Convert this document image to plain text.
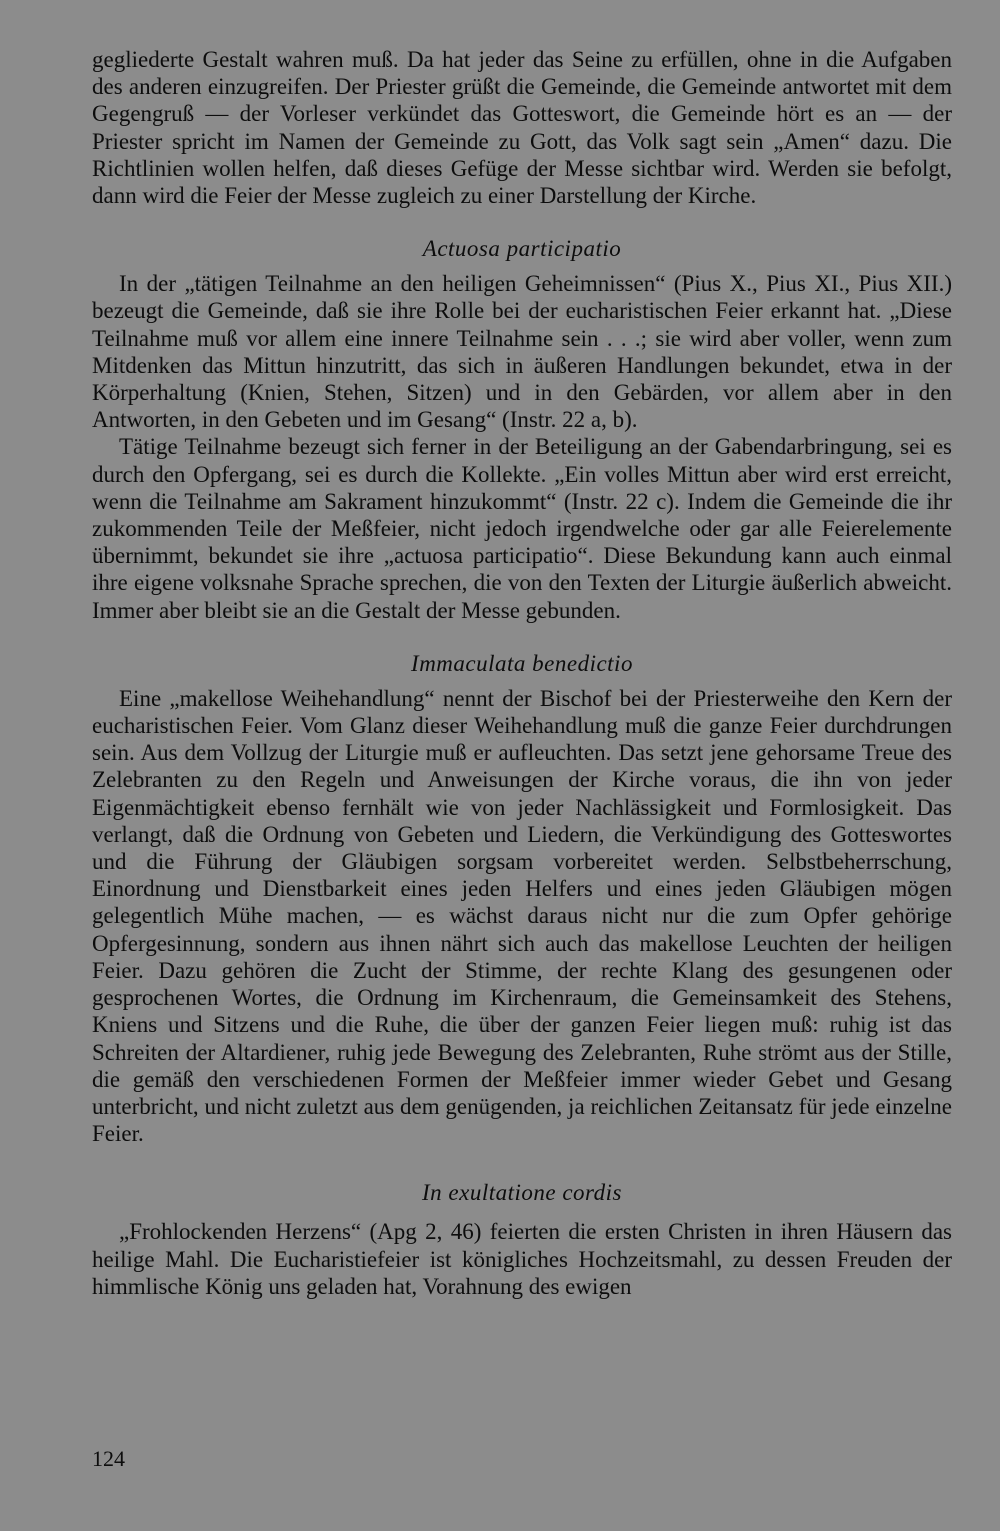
gegliederte Gestalt wahren muß. Da hat jeder das Seine zu erfüllen, ohne in die Aufgaben des anderen einzugreifen. Der Priester grüßt die Gemeinde, die Gemeinde antwortet mit dem Gegengruß — der Vorleser verkündet das Gotteswort, die Gemeinde hört es an — der Priester spricht im Namen der Gemeinde zu Gott, das Volk sagt sein „Amen“ dazu. Die Richtlinien wollen helfen, daß dieses Gefüge der Messe sichtbar wird. Werden sie befolgt, dann wird die Feier der Messe zugleich zu einer Darstellung der Kirche.

Actuosa participatio

In der „tätigen Teilnahme an den heiligen Geheimnissen“ (Pius X., Pius XI., Pius XII.) bezeugt die Gemeinde, daß sie ihre Rolle bei der eucharistischen Feier erkannt hat. „Diese Teilnahme muß vor allem eine innere Teilnahme sein . . .; sie wird aber voller, wenn zum Mitdenken das Mittun hinzutritt, das sich in äußeren Handlungen bekundet, etwa in der Körperhaltung (Knien, Stehen, Sitzen) und in den Gebärden, vor allem aber in den Antworten, in den Gebeten und im Gesang“ (Instr. 22 a, b).

Tätige Teilnahme bezeugt sich ferner in der Beteiligung an der Gabendarbringung, sei es durch den Opfergang, sei es durch die Kollekte. „Ein volles Mittun aber wird erst erreicht, wenn die Teilnahme am Sakrament hinzukommt“ (Instr. 22 c). Indem die Gemeinde die ihr zukommenden Teile der Meßfeier, nicht jedoch irgendwelche oder gar alle Feierelemente übernimmt, bekundet sie ihre „actuosa participatio“. Diese Bekundung kann auch einmal ihre eigene volksnahe Sprache sprechen, die von den Texten der Liturgie äußerlich abweicht. Immer aber bleibt sie an die Gestalt der Messe gebunden.

Immaculata benedictio

Eine „makellose Weihehandlung“ nennt der Bischof bei der Priesterweihe den Kern der eucharistischen Feier. Vom Glanz dieser Weihehandlung muß die ganze Feier durchdrungen sein. Aus dem Vollzug der Liturgie muß er aufleuchten. Das setzt jene gehorsame Treue des Zelebranten zu den Regeln und Anweisungen der Kirche voraus, die ihn von jeder Eigenmächtigkeit ebenso fernhält wie von jeder Nachlässigkeit und Formlosigkeit. Das verlangt, daß die Ordnung von Gebeten und Liedern, die Verkündigung des Gotteswortes und die Führung der Gläubigen sorgsam vorbereitet werden. Selbstbeherrschung, Einordnung und Dienstbarkeit eines jeden Helfers und eines jeden Gläubigen mögen gelegentlich Mühe machen, — es wächst daraus nicht nur die zum Opfer gehörige Opfergesinnung, sondern aus ihnen nährt sich auch das makellose Leuchten der heiligen Feier. Dazu gehören die Zucht der Stimme, der rechte Klang des gesungenen oder gesprochenen Wortes, die Ordnung im Kirchenraum, die Gemeinsamkeit des Stehens, Kniens und Sitzens und die Ruhe, die über der ganzen Feier liegen muß: ruhig ist das Schreiten der Altardiener, ruhig jede Bewegung des Zelebranten, Ruhe strömt aus der Stille, die gemäß den verschiedenen Formen der Meßfeier immer wieder Gebet und Gesang unterbricht, und nicht zuletzt aus dem genügenden, ja reichlichen Zeitansatz für jede einzelne Feier.

In exultatione cordis

„Frohlockenden Herzens“ (Apg 2, 46) feierten die ersten Christen in ihren Häusern das heilige Mahl. Die Eucharistiefeier ist königliches Hochzeitsmahl, zu dessen Freuden der himmlische König uns geladen hat, Vorahnung des ewigen

124
